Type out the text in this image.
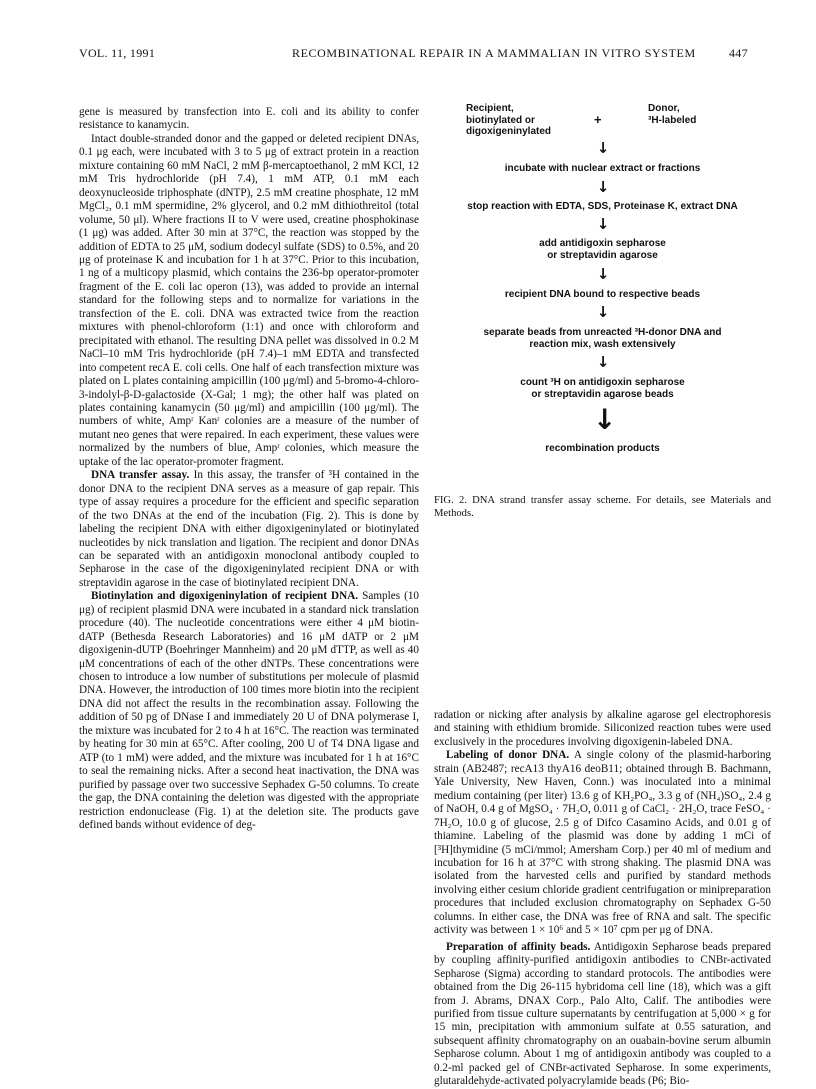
VOL. 11, 1991	RECOMBINATIONAL REPAIR IN A MAMMALIAN IN VITRO SYSTEM	447

gene is measured by transfection into E. coli and its ability to confer resistance to kanamycin.

Intact double-stranded donor and the gapped or deleted recipient DNAs, 0.1 μg each, were incubated with 3 to 5 μg of extract protein in a reaction mixture containing 60 mM NaCl, 2 mM β-mercaptoethanol, 2 mM KCl, 12 mM Tris hydrochloride (pH 7.4), 1 mM ATP, 0.1 mM each deoxynucleoside triphosphate (dNTP), 2.5 mM creatine phosphate, 12 mM MgCl₂, 0.1 mM spermidine, 2% glycerol, and 0.2 mM dithiothreitol (total volume, 50 μl). Where fractions II to V were used, creatine phosphokinase (1 μg) was added. After 30 min at 37°C, the reaction was stopped by the addition of EDTA to 25 μM, sodium dodecyl sulfate (SDS) to 0.5%, and 20 μg of proteinase K and incubation for 1 h at 37°C. Prior to this incubation, 1 ng of a multicopy plasmid, which contains the 236-bp operator-promoter fragment of the E. coli lac operon (13), was added to provide an internal standard for the following steps and to normalize for variations in the transfection of the E. coli. DNA was extracted twice from the reaction mixtures with phenol-chloroform (1:1) and once with chloroform and precipitated with ethanol. The resulting DNA pellet was dissolved in 0.2 M NaCl–10 mM Tris hydrochloride (pH 7.4)–1 mM EDTA and transfected into competent recA E. coli cells. One half of each transfection mixture was plated on L plates containing ampicillin (100 μg/ml) and 5-bromo-4-chloro-3-indolyl-β-D-galactoside (X-Gal; 1 mg); the other half was plated on plates containing kanamycin (50 μg/ml) and ampicillin (100 μg/ml). The numbers of white, Ampʳ Kanʳ colonies are a measure of the number of mutant neo genes that were repaired. In each experiment, these values were normalized by the numbers of blue, Ampʳ colonies, which measure the uptake of the lac operator-promoter fragment.

DNA transfer assay. In this assay, the transfer of ³H contained in the donor DNA to the recipient DNA serves as a measure of gap repair. This type of assay requires a procedure for the efficient and specific separation of the two DNAs at the end of the incubation (Fig. 2). This is done by labeling the recipient DNA with either digoxigeninylated or biotinylated nucleotides by nick translation and ligation. The recipient and donor DNAs can be separated with an antidigoxin monoclonal antibody coupled to Sepharose in the case of the digoxigeninylated recipient DNA or with streptavidin agarose in the case of biotinylated recipient DNA.

Biotinylation and digoxigeninylation of recipient DNA. Samples (10 μg) of recipient plasmid DNA were incubated in a standard nick translation procedure (40). The nucleotide concentrations were either 4 μM biotin-dATP (Bethesda Research Laboratories) and 16 μM dATP or 2 μM digoxigenin-dUTP (Boehringer Mannheim) and 20 μM dTTP, as well as 40 μM concentrations of each of the other dNTPs. These concentrations were chosen to introduce a low number of substitutions per molecule of plasmid DNA. However, the introduction of 100 times more biotin into the recipient DNA did not affect the results in the recombination assay. Following the addition of 50 pg of DNase I and immediately 20 U of DNA polymerase I, the mixture was incubated for 2 to 4 h at 16°C. The reaction was terminated by heating for 30 min at 65°C. After cooling, 200 U of T4 DNA ligase and ATP (to 1 mM) were added, and the mixture was incubated for 1 h at 16°C to seal the remaining nicks. After a second heat inactivation, the DNA was purified by passage over two successive Sephadex G-50 columns. To create the gap, the DNA containing the deletion was digested with the appropriate restriction endonuclease (Fig. 1) at the deletion site. The products gave defined bands without evidence of deg-

Recipient,
biotinylated or
digoxigeninylated
+
Donor,
³H-labeled
↓
incubate with nuclear extract or fractions
↓
stop reaction with EDTA, SDS, Proteinase K, extract DNA
↓
add antidigoxin sepharose
or streptavidin agarose
↓
recipient DNA bound to respective beads
↓
separate beads from unreacted ³H-donor DNA and
reaction mix, wash extensively
↓
count ³H on antidigoxin sepharose
or streptavidin agarose beads
↓
recombination products
FIG. 2. DNA strand transfer assay scheme. For details, see Materials and Methods.

radation or nicking after analysis by alkaline agarose gel electrophoresis and staining with ethidium bromide. Siliconized reaction tubes were used exclusively in the procedures involving digoxigenin-labeled DNA.

Labeling of donor DNA. A single colony of the plasmid-harboring strain (AB2487; recA13 thyA16 deoB11; obtained through B. Bachmann, Yale University, New Haven, Conn.) was inoculated into a minimal medium containing (per liter) 13.6 g of KH₂PO₄, 3.3 g of (NH₄)SO₄, 2.4 g of NaOH, 0.4 g of MgSO₄ · 7H₂O, 0.011 g of CaCl₂ · 2H₂O, trace FeSO₄ · 7H₂O, 10.0 g of glucose, 2.5 g of Difco Casamino Acids, and 0.01 g of thiamine. Labeling of the plasmid was done by adding 1 mCi of [³H]thymidine (5 mCi/mmol; Amersham Corp.) per 40 ml of medium and incubation for 16 h at 37°C with strong shaking. The plasmid DNA was isolated from the harvested cells and purified by standard methods involving either cesium chloride gradient centrifugation or minipreparation procedures that included exclusion chromatography on Sephadex G-50 columns. In either case, the DNA was free of RNA and salt. The specific activity was between 1 × 10⁶ and 5 × 10⁷ cpm per μg of DNA.

Preparation of affinity beads. Antidigoxin Sepharose beads prepared by coupling affinity-purified antidigoxin antibodies to CNBr-activated Sepharose (Sigma) according to standard protocols. The antibodies were obtained from the Dig 26-115 hybridoma cell line (18), which was a gift from J. Abrams, DNAX Corp., Palo Alto, Calif. The antibodies were purified from tissue culture supernatants by centrifugation at 5,000 × g for 15 min, precipitation with ammonium sulfate at 0.55 saturation, and subsequent affinity chromatography on an ouabain-bovine serum albumin Sepharose column. About 1 mg of antidigoxin antibody was coupled to a 0.2-ml packed gel of CNBr-activated Sepharose. In some experiments, glutaraldehyde-activated polyacrylamide beads (P6; Bio-
